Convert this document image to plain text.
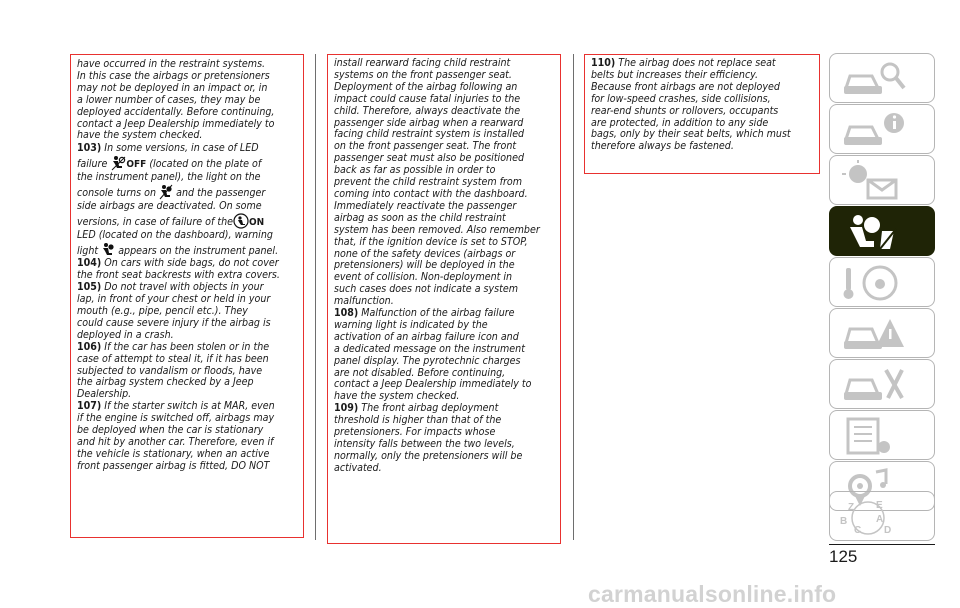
have occurred in the restraint systems.
In this case the airbags or pretensioners
may not be deployed in an impact or, in
a lower number of cases, they may be
deployed accidentally. Before continuing,
contact a Jeep Dealership immediately to
have the system checked.

103) In some versions, in case of LED
failure OFF (located on the plate of
the instrument panel), the light on the
console turns on and the passenger
side airbags are deactivated. On some
versions, in case of failure of the ON
LED (located on the dashboard), warning
light appears on the instrument panel.

104) On cars with side bags, do not cover
the front seat backrests with extra covers.

105) Do not travel with objects in your
lap, in front of your chest or held in your
mouth (e.g., pipe, pencil etc.). They
could cause severe injury if the airbag is
deployed in a crash.

106) If the car has been stolen or in the
case of attempt to steal it, if it has been
subjected to vandalism or floods, have
the airbag system checked by a Jeep
Dealership.

107) If the starter switch is at MAR, even
if the engine is switched off, airbags may
be deployed when the car is stationary
and hit by another car. Therefore, even if
the vehicle is stationary, when an active
front passenger airbag is fitted, DO NOT

install rearward facing child restraint
systems on the front passenger seat.
Deployment of the airbag following an
impact could cause fatal injuries to the
child. Therefore, always deactivate the
passenger side airbag when a rearward
facing child restraint system is installed
on the front passenger seat. The front
passenger seat must also be positioned
back as far as possible in order to
prevent the child restraint system from
coming into contact with the dashboard.
Immediately reactivate the passenger
airbag as soon as the child restraint
system has been removed. Also remember
that, if the ignition device is set to STOP,
none of the safety devices (airbags or
pretensioners) will be deployed in the
event of collision. Non-deployment in
such cases does not indicate a system
malfunction.

108) Malfunction of the airbag failure
warning light is indicated by the
activation of an airbag failure icon and
a dedicated message on the instrument
panel display. The pyrotechnic charges
are not disabled. Before continuing,
contact a Jeep Dealership immediately to
have the system checked.

109) The front airbag deployment
threshold is higher than that of the
pretensioners. For impacts whose
intensity falls between the two levels,
normally, only the pretensioners will be
activated.

110) The airbag does not replace seat
belts but increases their efficiency.
Because front airbags are not deployed
for low-speed crashes, side collisions,
rear-end shunts or rollovers, occupants
are protected, in addition to any side
bags, only by their seat belts, which must
therefore always be fastened.

Z E
B	A
C D
125
carmanualsonline.info
